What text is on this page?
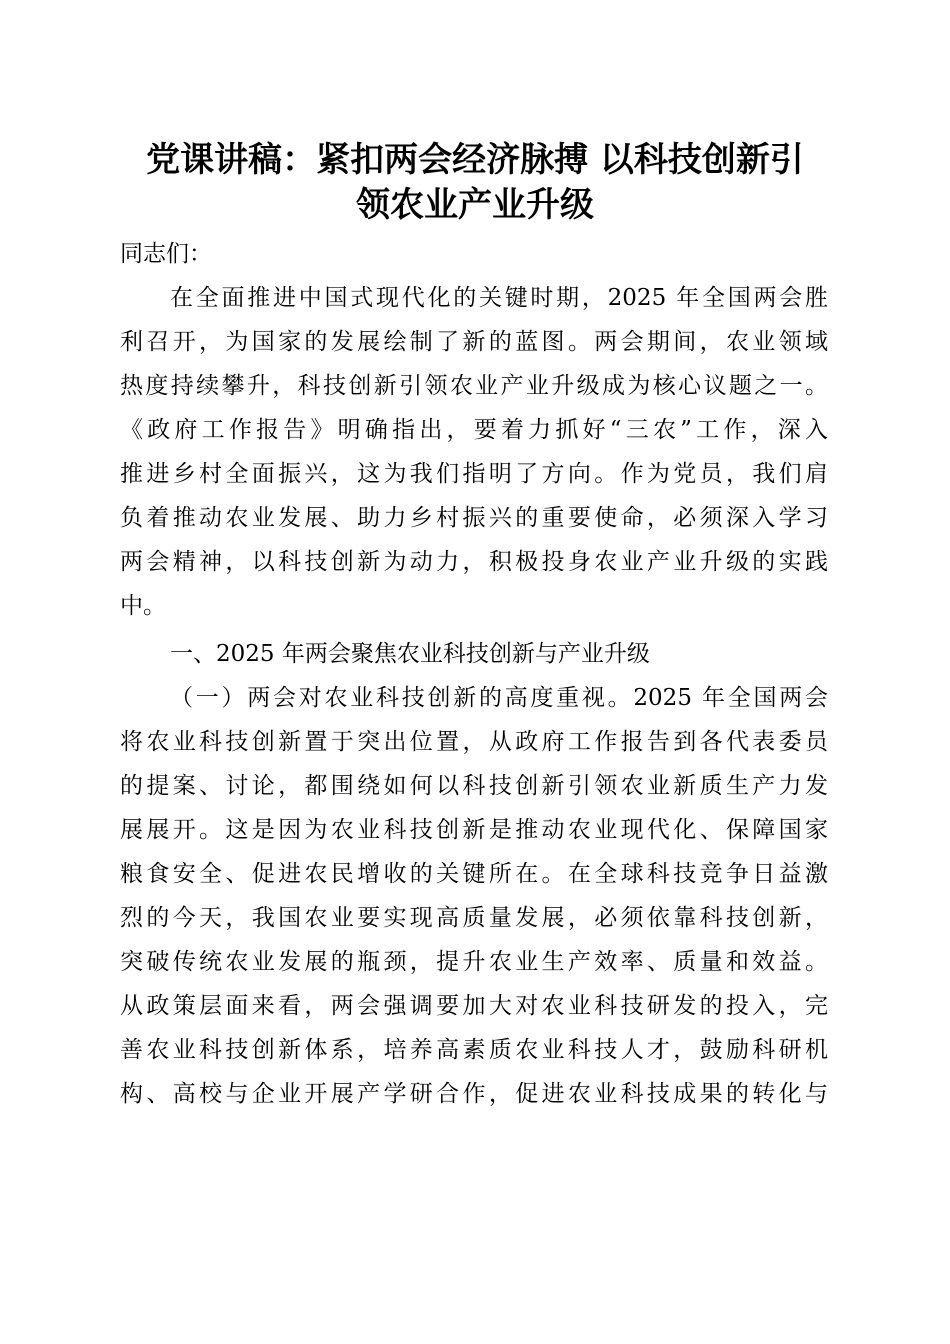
党课讲稿：紧扣两会经济脉搏 以科技创新引
领农业产业升级
同志们：
在全面推进中国式现代化的关键时期，2025 年全国两会胜
利召开，为国家的发展绘制了新的蓝图。两会期间，农业领域
热度持续攀升，科技创新引领农业产业升级成为核心议题之一。
《政府工作报告》明确指出，要着力抓好“三农”工作，深入
推进乡村全面振兴，这为我们指明了方向。作为党员，我们肩
负着推动农业发展、助力乡村振兴的重要使命，必须深入学习
两会精神，以科技创新为动力，积极投身农业产业升级的实践
中。
一、2025 年两会聚焦农业科技创新与产业升级
（一）两会对农业科技创新的高度重视。2025 年全国两会
将农业科技创新置于突出位置，从政府工作报告到各代表委员
的提案、讨论，都围绕如何以科技创新引领农业新质生产力发
展展开。这是因为农业科技创新是推动农业现代化、保障国家
粮食安全、促进农民增收的关键所在。在全球科技竞争日益激
烈的今天，我国农业要实现高质量发展，必须依靠科技创新，
突破传统农业发展的瓶颈，提升农业生产效率、质量和效益。
从政策层面来看，两会强调要加大对农业科技研发的投入，完
善农业科技创新体系，培养高素质农业科技人才，鼓励科研机
构、高校与企业开展产学研合作，促进农业科技成果的转化与
